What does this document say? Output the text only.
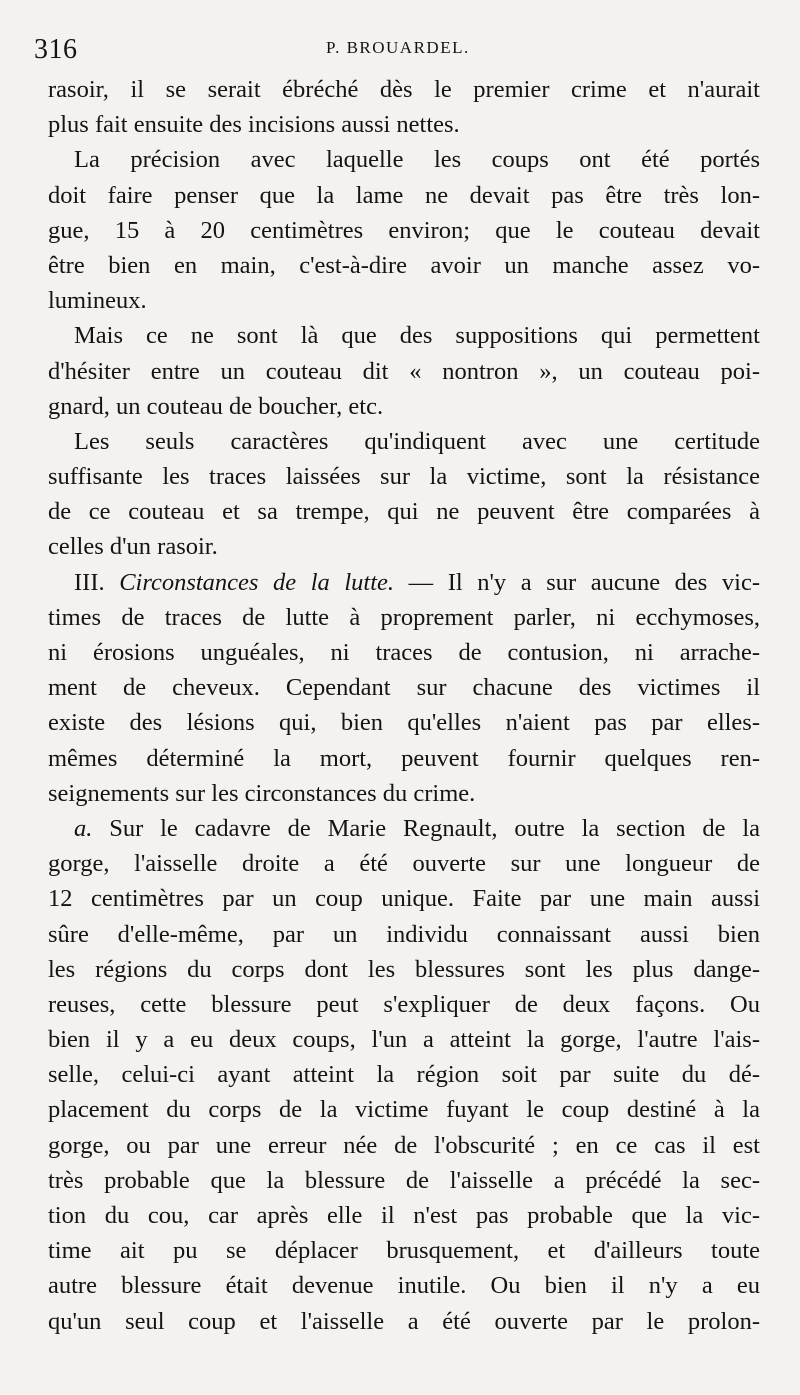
316	P. BROUARDEL.
rasoir, il se serait ébréché dès le premier crime et n'aurait
plus fait ensuite des incisions aussi nettes.
La précision avec laquelle les coups ont été portés
doit faire penser que la lame ne devait pas être très lon-
gue, 15 à 20 centimètres environ; que le couteau devait
être bien en main, c'est-à-dire avoir un manche assez vo-
lumineux.
Mais ce ne sont là que des suppositions qui permettent
d'hésiter entre un couteau dit « nontron », un couteau poi-
gnard, un couteau de boucher, etc.
Les seuls caractères qu'indiquent avec une certitude
suffisante les traces laissées sur la victime, sont la résistance
de ce couteau et sa trempe, qui ne peuvent être comparées à
celles d'un rasoir.
III. Circonstances de la lutte. — Il n'y a sur aucune des vic-
times de traces de lutte à proprement parler, ni ecchymoses,
ni érosions unguéales, ni traces de contusion, ni arrache-
ment de cheveux. Cependant sur chacune des victimes il
existe des lésions qui, bien qu'elles n'aient pas par elles-
mêmes déterminé la mort, peuvent fournir quelques ren-
seignements sur les circonstances du crime.
a. Sur le cadavre de Marie Regnault, outre la section de la
gorge, l'aisselle droite a été ouverte sur une longueur de
12 centimètres par un coup unique. Faite par une main aussi
sûre d'elle-même, par un individu connaissant aussi bien
les régions du corps dont les blessures sont les plus dange-
reuses, cette blessure peut s'expliquer de deux façons. Ou
bien il y a eu deux coups, l'un a atteint la gorge, l'autre l'ais-
selle, celui-ci ayant atteint la région soit par suite du dé-
placement du corps de la victime fuyant le coup destiné à la
gorge, ou par une erreur née de l'obscurité ; en ce cas il est
très probable que la blessure de l'aisselle a précédé la sec-
tion du cou, car après elle il n'est pas probable que la vic-
time ait pu se déplacer brusquement, et d'ailleurs toute
autre blessure était devenue inutile. Ou bien il n'y a eu
qu'un seul coup et l'aisselle a été ouverte par le prolon-
